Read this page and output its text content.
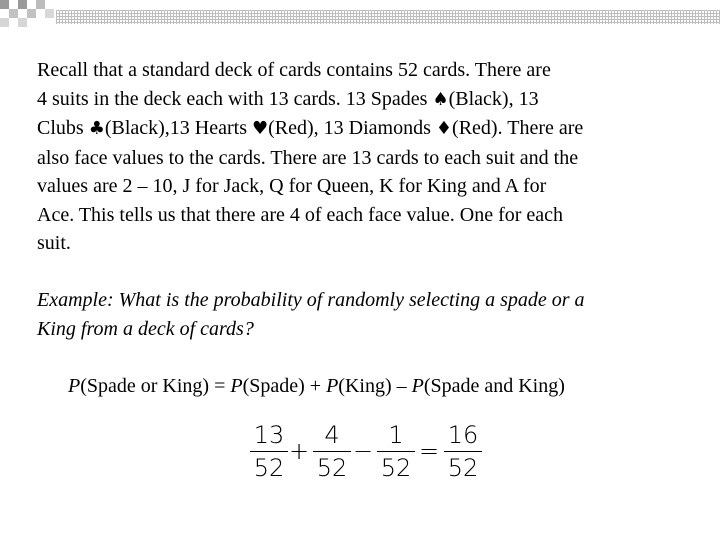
Recall that a standard deck of cards contains 52 cards. There are
4 suits in the deck each with 13 cards. 13 Spades ♠(Black), 13
Clubs ♣(Black),13 Hearts ♥(Red), 13 Diamonds ♦(Red). There are
also face values to the cards. There are 13 cards to each suit and the
values are 2 – 10, J for Jack, Q for Queen, K for King and A for
Ace. This tells us that there are 4 of each face value. One for each
suit.
Example: What is the probability of randomly selecting a spade or a
King from a deck of cards?
P(Spade or King) = P(Spade) + P(King) – P(Spade and King)
13
52
+
4
52
−
1
52
=
16
52
